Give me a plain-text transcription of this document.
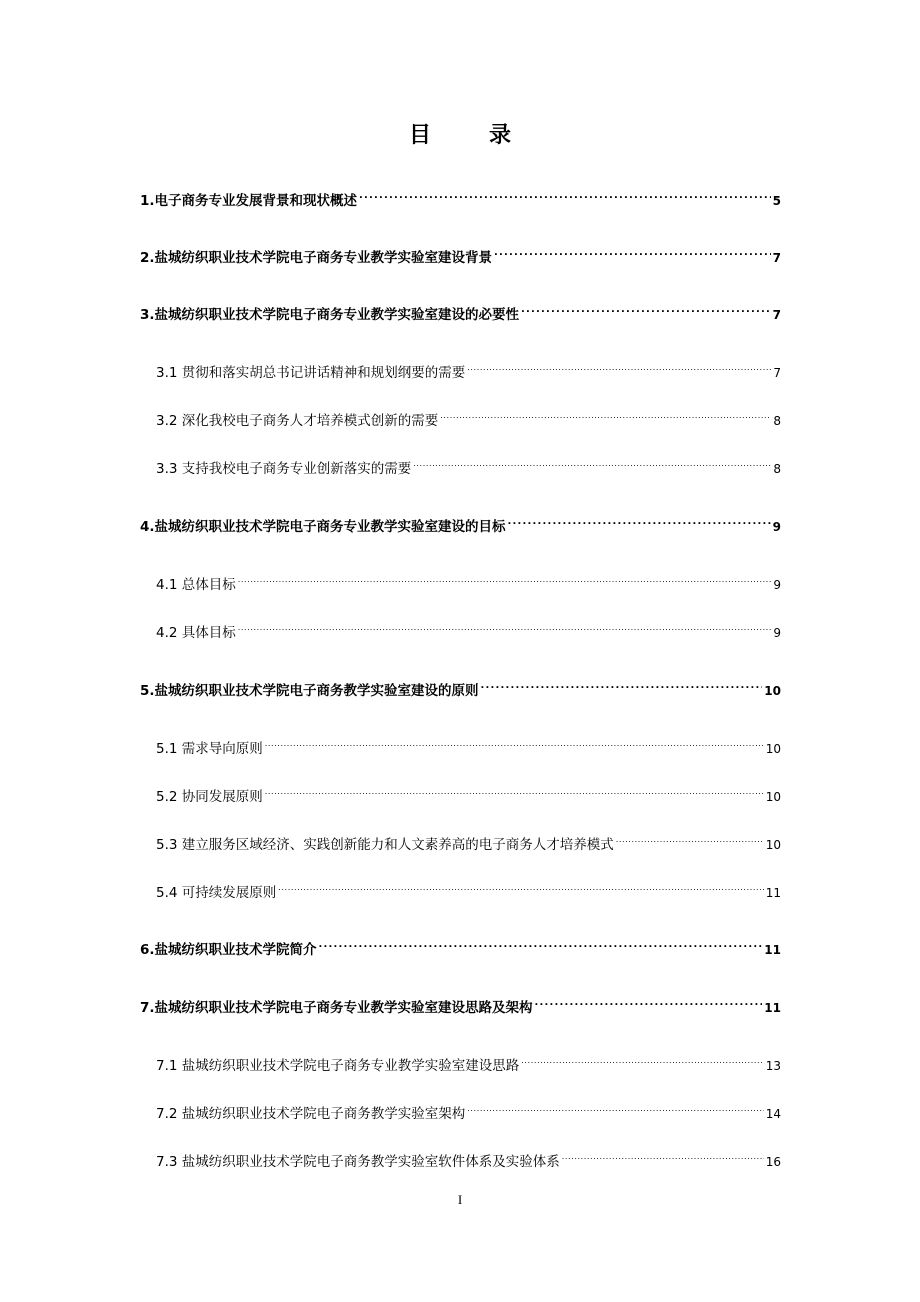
目	录
1.电子商务专业发展背景和现状概述 .....	5
2.盐城纺织职业技术学院电子商务专业教学实验室建设背景 .....	7
3.盐城纺织职业技术学院电子商务专业教学实验室建设的必要性 .....	7
3.1 贯彻和落实胡总书记讲话精神和规划纲要的需要 .....	7
3.2 深化我校电子商务人才培养模式创新的需要 .....	8
3.3 支持我校电子商务专业创新落实的需要 .....	8
4.盐城纺织职业技术学院电子商务专业教学实验室建设的目标 .....	9
4.1 总体目标 .....	9
4.2 具体目标 .....	9
5.盐城纺织职业技术学院电子商务教学实验室建设的原则 .....	10
5.1 需求导向原则 .....	10
5.2 协同发展原则 .....	10
5.3 建立服务区域经济、实践创新能力和人文素养高的电子商务人才培养模式 .....	10
5.4 可持续发展原则 .....	11
6.盐城纺织职业技术学院简介 .....	11
7.盐城纺织职业技术学院电子商务专业教学实验室建设思路及架构 .....	11
7.1 盐城纺织职业技术学院电子商务专业教学实验室建设思路 .....	13
7.2 盐城纺织职业技术学院电子商务教学实验室架构 .....	14
7.3 盐城纺织职业技术学院电子商务教学实验室软件体系及实验体系 .....	16
I
